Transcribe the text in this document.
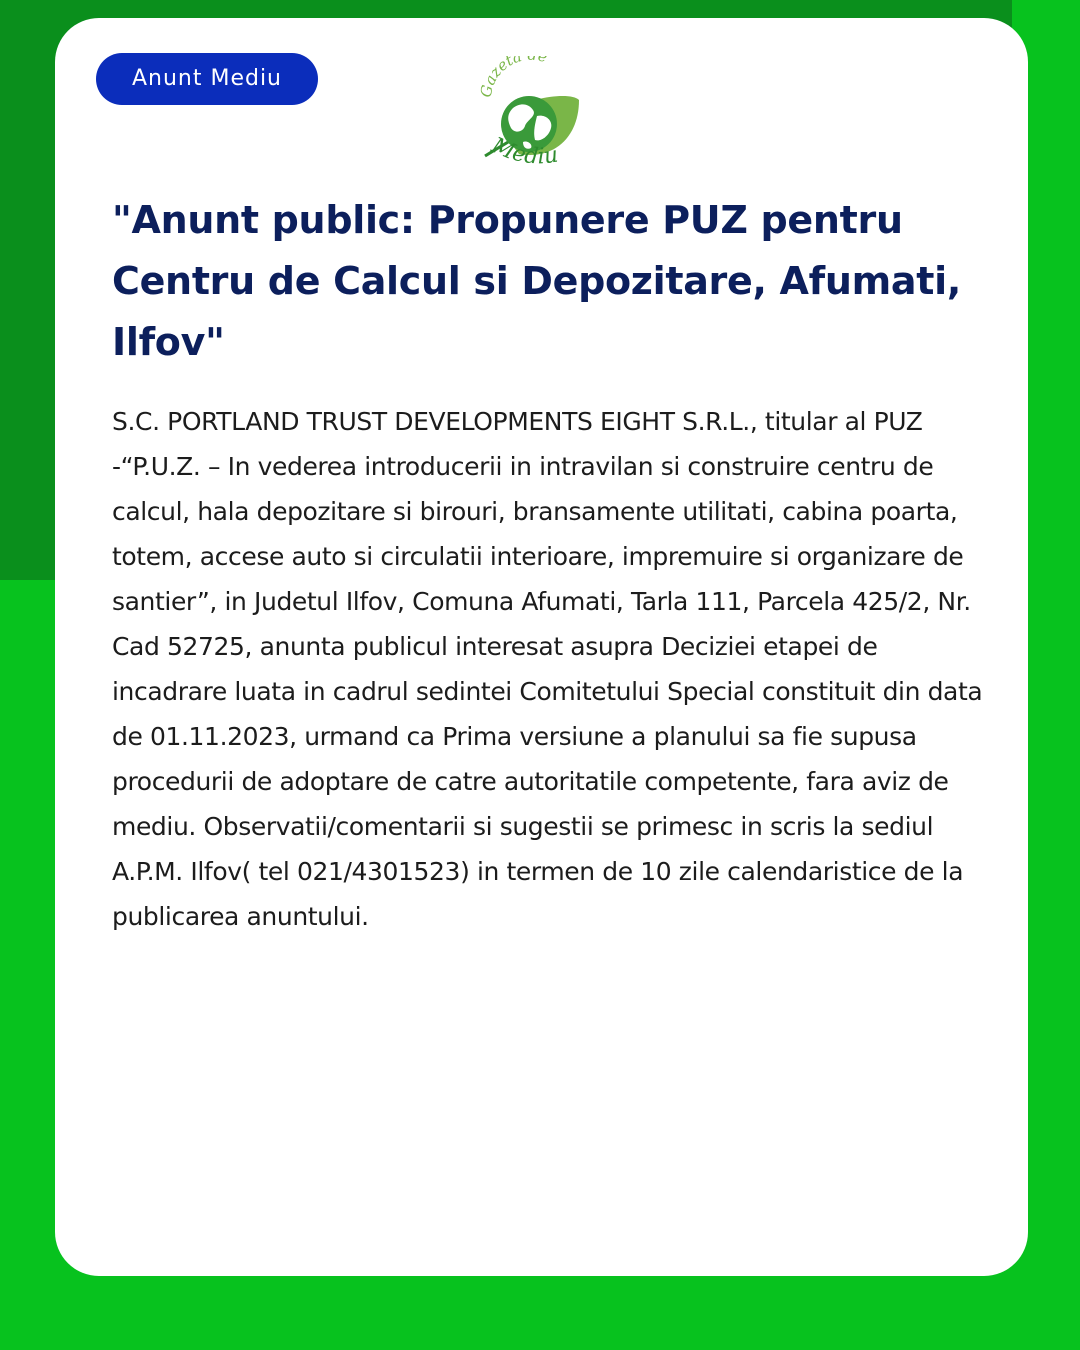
Anunt Mediu
Gazeta e
Mediu
"Anunt public: Propunere PUZ pentru Centru de Calcul si Depozitare, Afumati, Ilfov"

S.C. PORTLAND TRUST DEVELOPMENTS EIGHT S.R.L., titular al PUZ -“P.U.Z. – In vederea introducerii in intravilan si construire centru de calcul, hala depozitare si birouri, bransamente utilitati, cabina poarta, totem, accese auto si circulatii interioare, impremuire si organizare de santier”, in Judetul Ilfov, Comuna Afumati, Tarla 111, Parcela 425/2, Nr. Cad 52725, anunta publicul interesat asupra Deciziei etapei de incadrare luata in cadrul sedintei Comitetului Special constituit din data de 01.11.2023, urmand ca Prima versiune a planului sa fie supusa procedurii de adoptare de catre autoritatile competente, fara aviz de mediu. Observatii/comentarii si sugestii se primesc in scris la sediul A.P.M. Ilfov( tel 021/4301523) in termen de 10 zile calendaristice de la publicarea anuntului.
